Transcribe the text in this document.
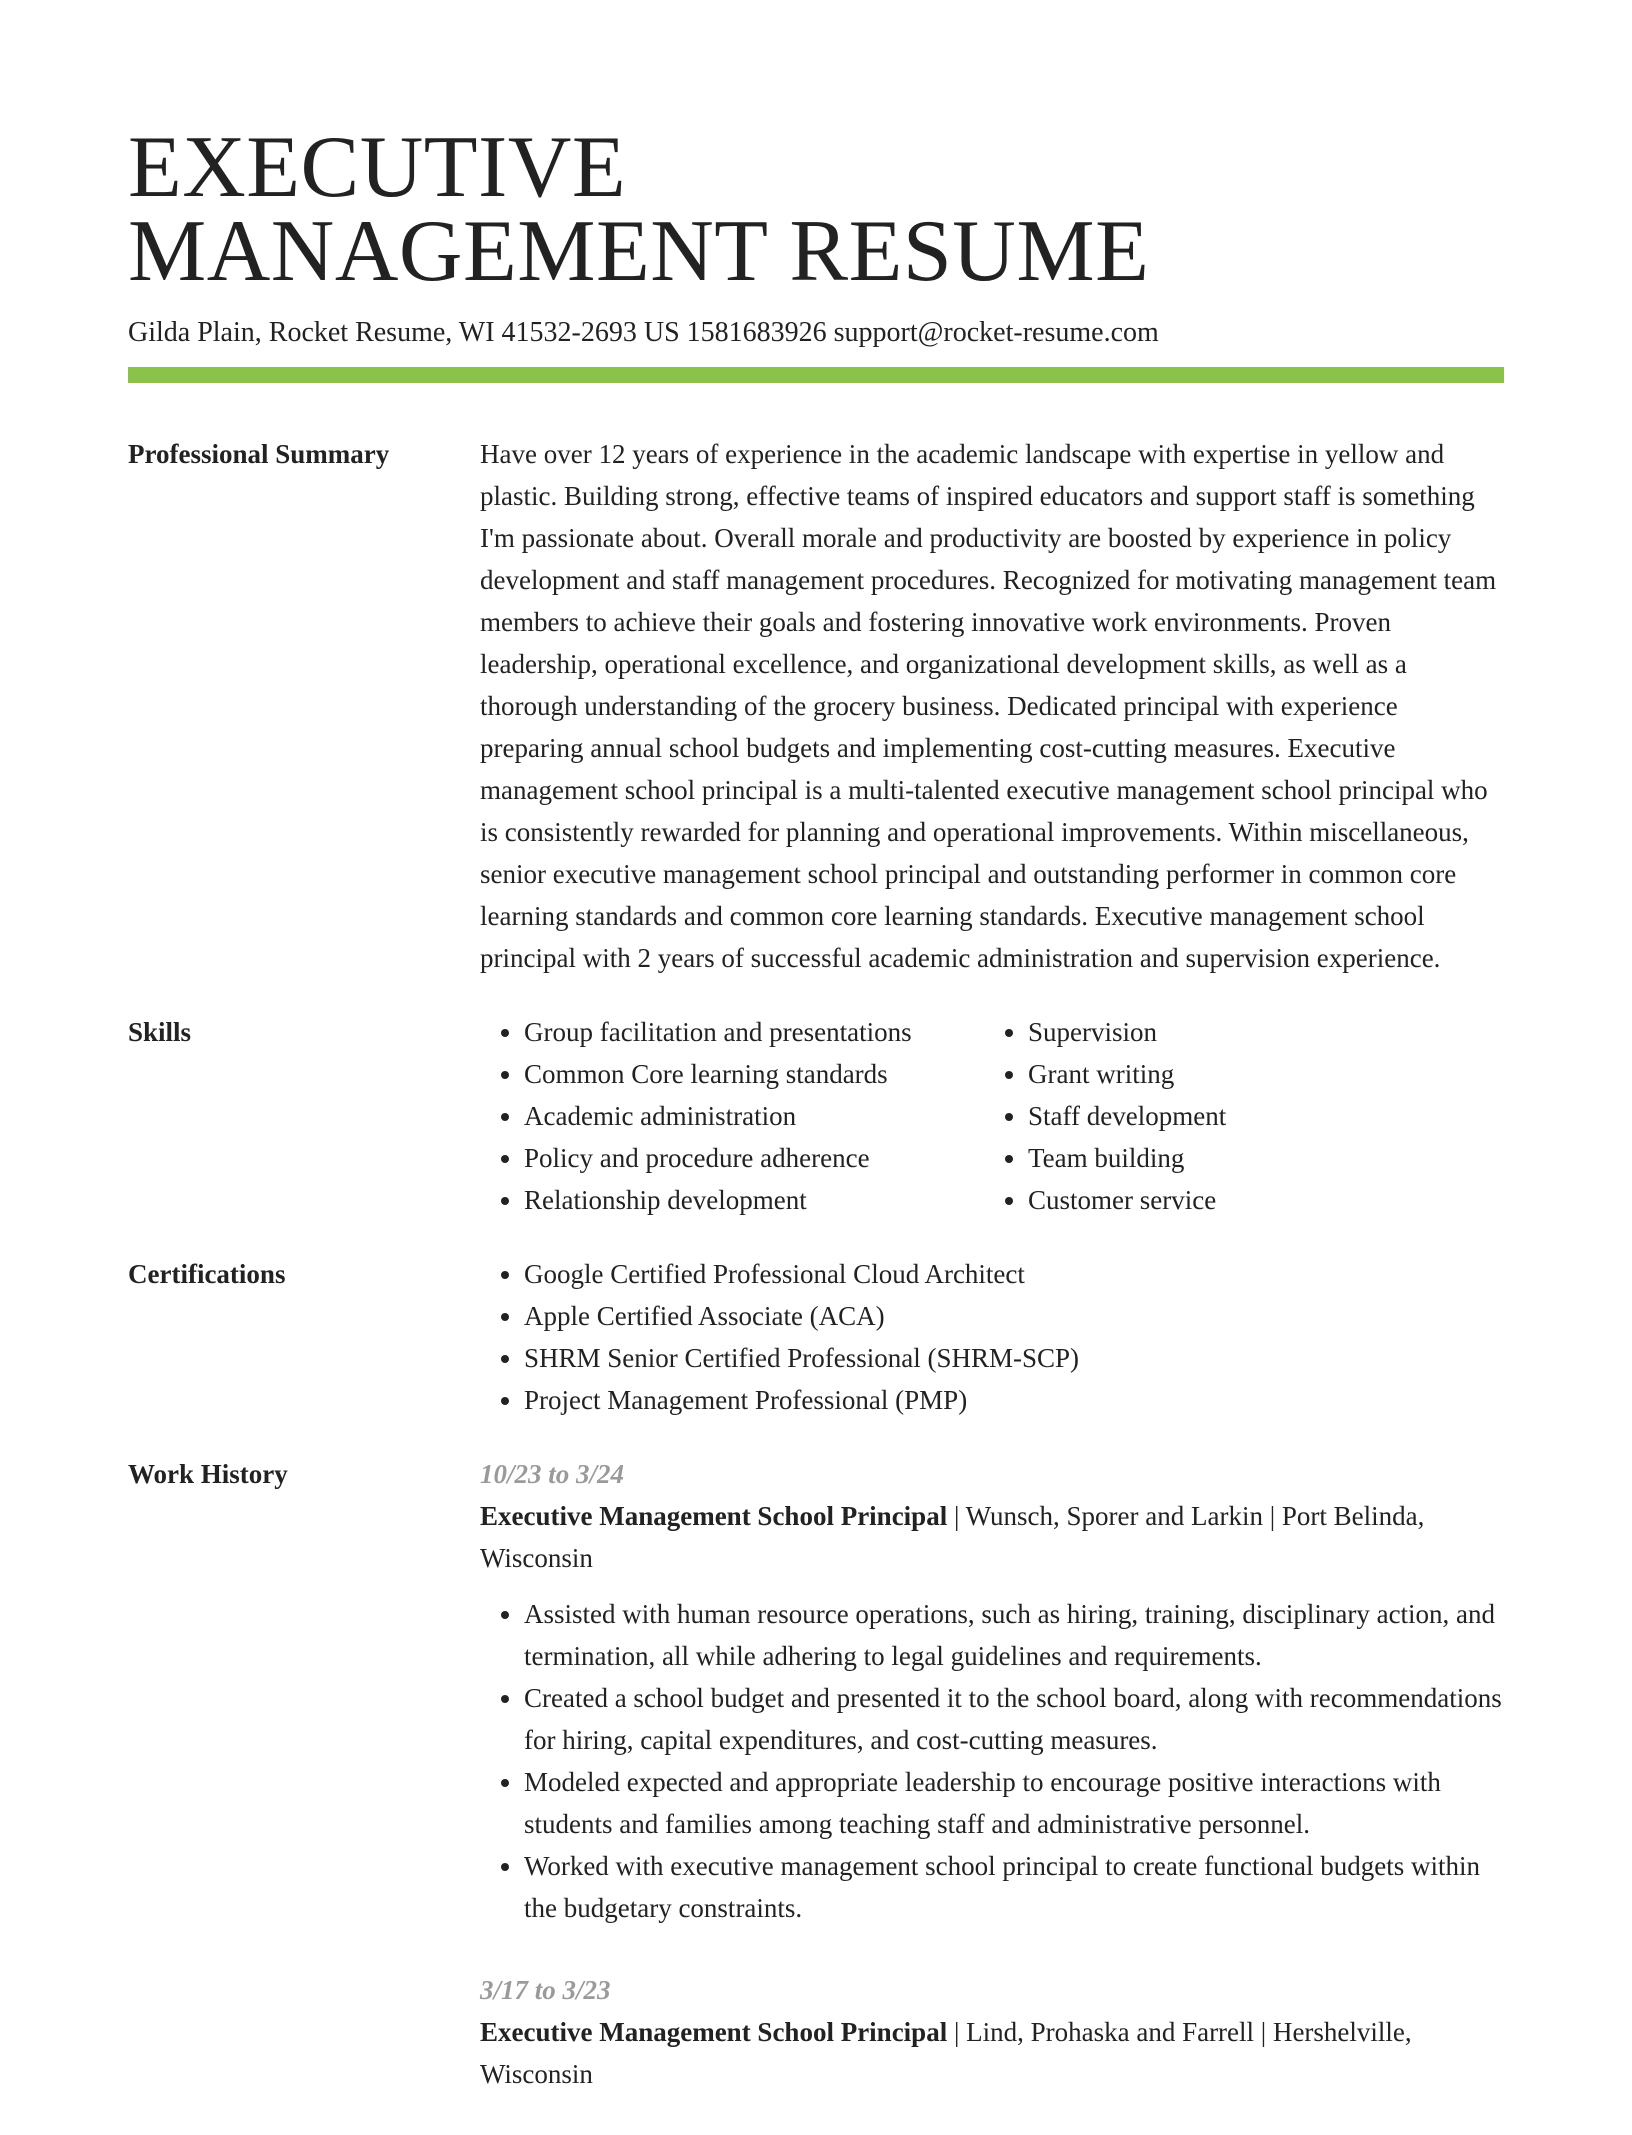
EXECUTIVE
MANAGEMENT RESUME
Gilda Plain, Rocket Resume, WI 41532-2693 US 1581683926 support@rocket-resume.com
Professional Summary	Have over 12 years of experience in the academic landscape with expertise in yellow and plastic. Building strong, effective teams of inspired educators and support staff is something I'm passionate about. Overall morale and productivity are boosted by experience in policy development and staff management procedures. Recognized for motivating management team members to achieve their goals and fostering innovative work environments. Proven leadership, operational excellence, and organizational development skills, as well as a thorough understanding of the grocery business. Dedicated principal with experience preparing annual school budgets and implementing cost-cutting measures. Executive management school principal is a multi-talented executive management school principal who is consistently rewarded for planning and operational improvements. Within miscellaneous, senior executive management school principal and outstanding performer in common core learning standards and common core learning standards. Executive management school principal with 2 years of successful academic administration and supervision experience.

Skills	• Group facilitation and presentations
• Common Core learning standards
• Academic administration
• Policy and procedure adherence
• Relationship development
• Supervision
• Grant writing
• Staff development
• Team building
• Customer service
Certifications	• Google Certified Professional Cloud Architect
• Apple Certified Associate (ACA)
• SHRM Senior Certified Professional (SHRM-SCP)
• Project Management Professional (PMP)
Work History	10/23 to 3/24
Executive Management School Principal | Wunsch, Sporer and Larkin | Port Belinda, Wisconsin
• Assisted with human resource operations, such as hiring, training, disciplinary action, and termination, all while adhering to legal guidelines and requirements.
• Created a school budget and presented it to the school board, along with recommendations for hiring, capital expenditures, and cost-cutting measures.
• Modeled expected and appropriate leadership to encourage positive interactions with students and families among teaching staff and administrative personnel.
• Worked with executive management school principal to create functional budgets within the budgetary constraints.
3/17 to 3/23
Executive Management School Principal | Lind, Prohaska and Farrell | Hershelville, Wisconsin
